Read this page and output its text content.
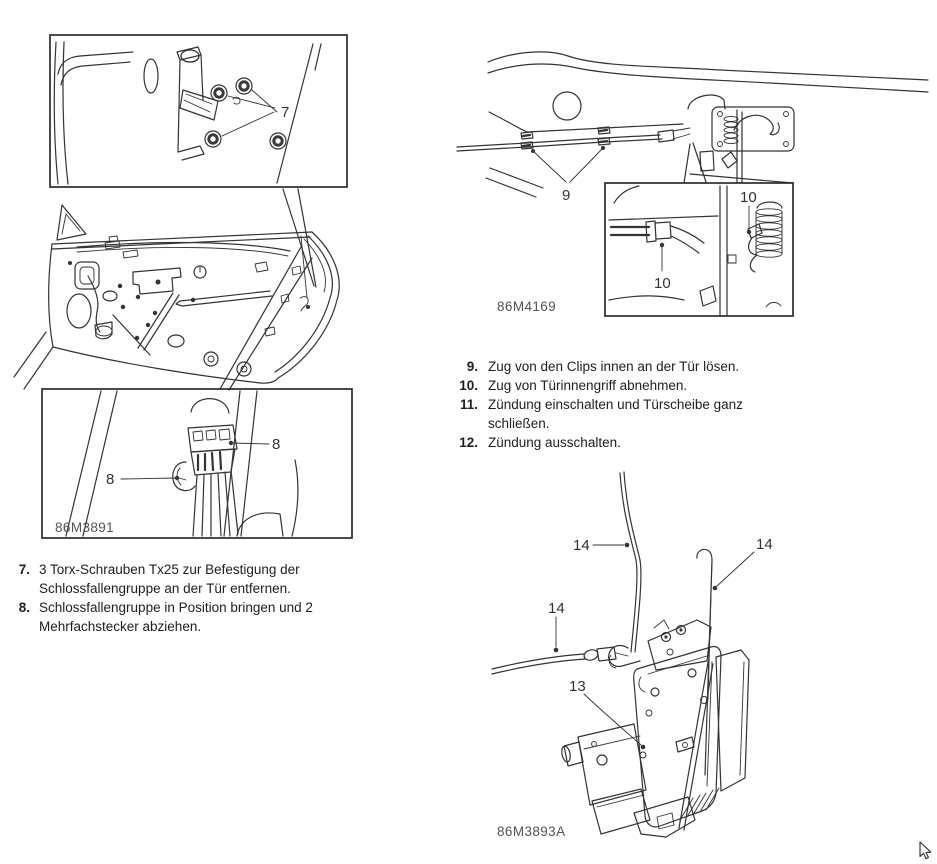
7
8
8
86M3891
9
10
10
86M4169
14	14
14
13
86M3893A
7. 3 Torx-Schrauben Tx25 zur Befestigung der Schlossfallengruppe an der Tür entfernen.
8. Schlossfallengruppe in Position bringen und 2 Mehrfachstecker abziehen.
9. Zug von den Clips innen an der Tür lösen.
10. Zug von Türinnengriff abnehmen.
11. Zündung einschalten und Türscheibe ganz schließen.
12. Zündung ausschalten.
